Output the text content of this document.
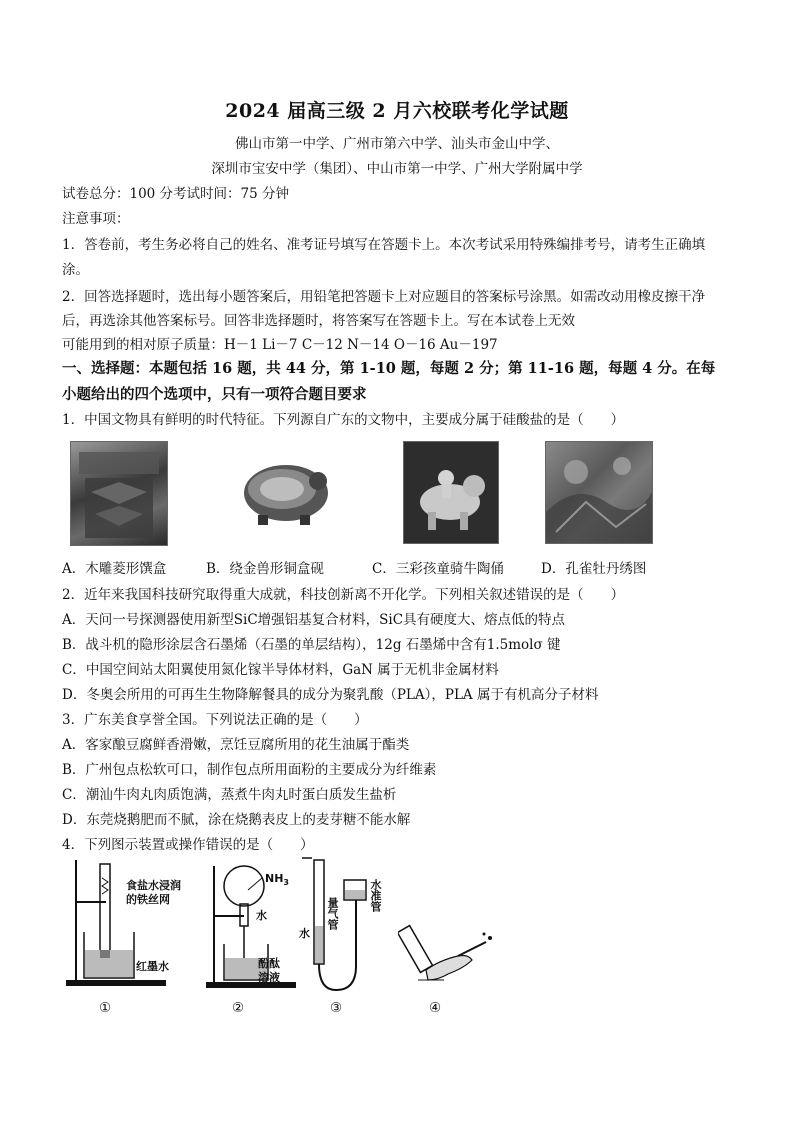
2024 届高三级 2 月六校联考化学试题
佛山市第一中学、广州市第六中学、汕头市金山中学、
深圳市宝安中学（集团）、中山市第一中学、广州大学附属中学
试卷总分：100 分考试时间：75 分钟
注意事项：
1．答卷前，考生务必将自己的姓名、准考证号填写在答题卡上。本次考试采用特殊编排考号，请考生正确填
涂。
2．回答选择题时，选出每小题答案后，用铅笔把答题卡上对应题目的答案标号涂黑。如需改动用橡皮擦干净
后，再选涂其他答案标号。回答非选择题时，将答案写在答题卡上。写在本试卷上无效
可能用到的相对原子质量：H－1 Li－7 C－12 N－14 O－16 Au－197
一、选择题：本题包括 16 题，共 44 分，第 1-10 题，每题 2 分；第 11-16 题，每题 4 分。在每
小题给出的四个选项中，只有一项符合题目要求
1．中国文物具有鲜明的时代特征。下列源自广东的文物中，主要成分属于硅酸盐的是（　　）
A．木雕菱形馔盒	B．绕金兽形铜盒砚	C．三彩孩童骑牛陶俑	D．孔雀牡丹绣图
2．近年来我国科技研究取得重大成就，科技创新离不开化学。下列相关叙述错误的是（　　）
A．天问一号探测器使用新型SiC增强铝基复合材料，SiC具有硬度大、熔点低的特点
B．战斗机的隐形涂层含石墨烯（石墨的单层结构），12g 石墨烯中含有1.5molσ 键
C．中国空间站太阳翼使用氮化镓半导体材料，GaN 属于无机非金属材料
D．冬奥会所用的可再生生物降解餐具的成分为聚乳酸（PLA），PLA 属于有机高分子材料
3．广东美食享誉全国。下列说法正确的是（　　）
A．客家酿豆腐鲜香滑嫩，烹饪豆腐所用的花生油属于酯类
B．广州包点松软可口，制作包点所用面粉的主要成分为纤维素
C．潮汕牛肉丸肉质饱满，蒸煮牛肉丸时蛋白质发生盐析
D．东莞烧鹅肥而不腻，涂在烧鹅表皮上的麦芽糖不能水解
4．下列图示装置或操作错误的是（　　）
食盐水浸润
的铁丝网
红墨水
①
$NH_3$
水
酚酞
溶液
②
水
量气管
水准管
③	④
